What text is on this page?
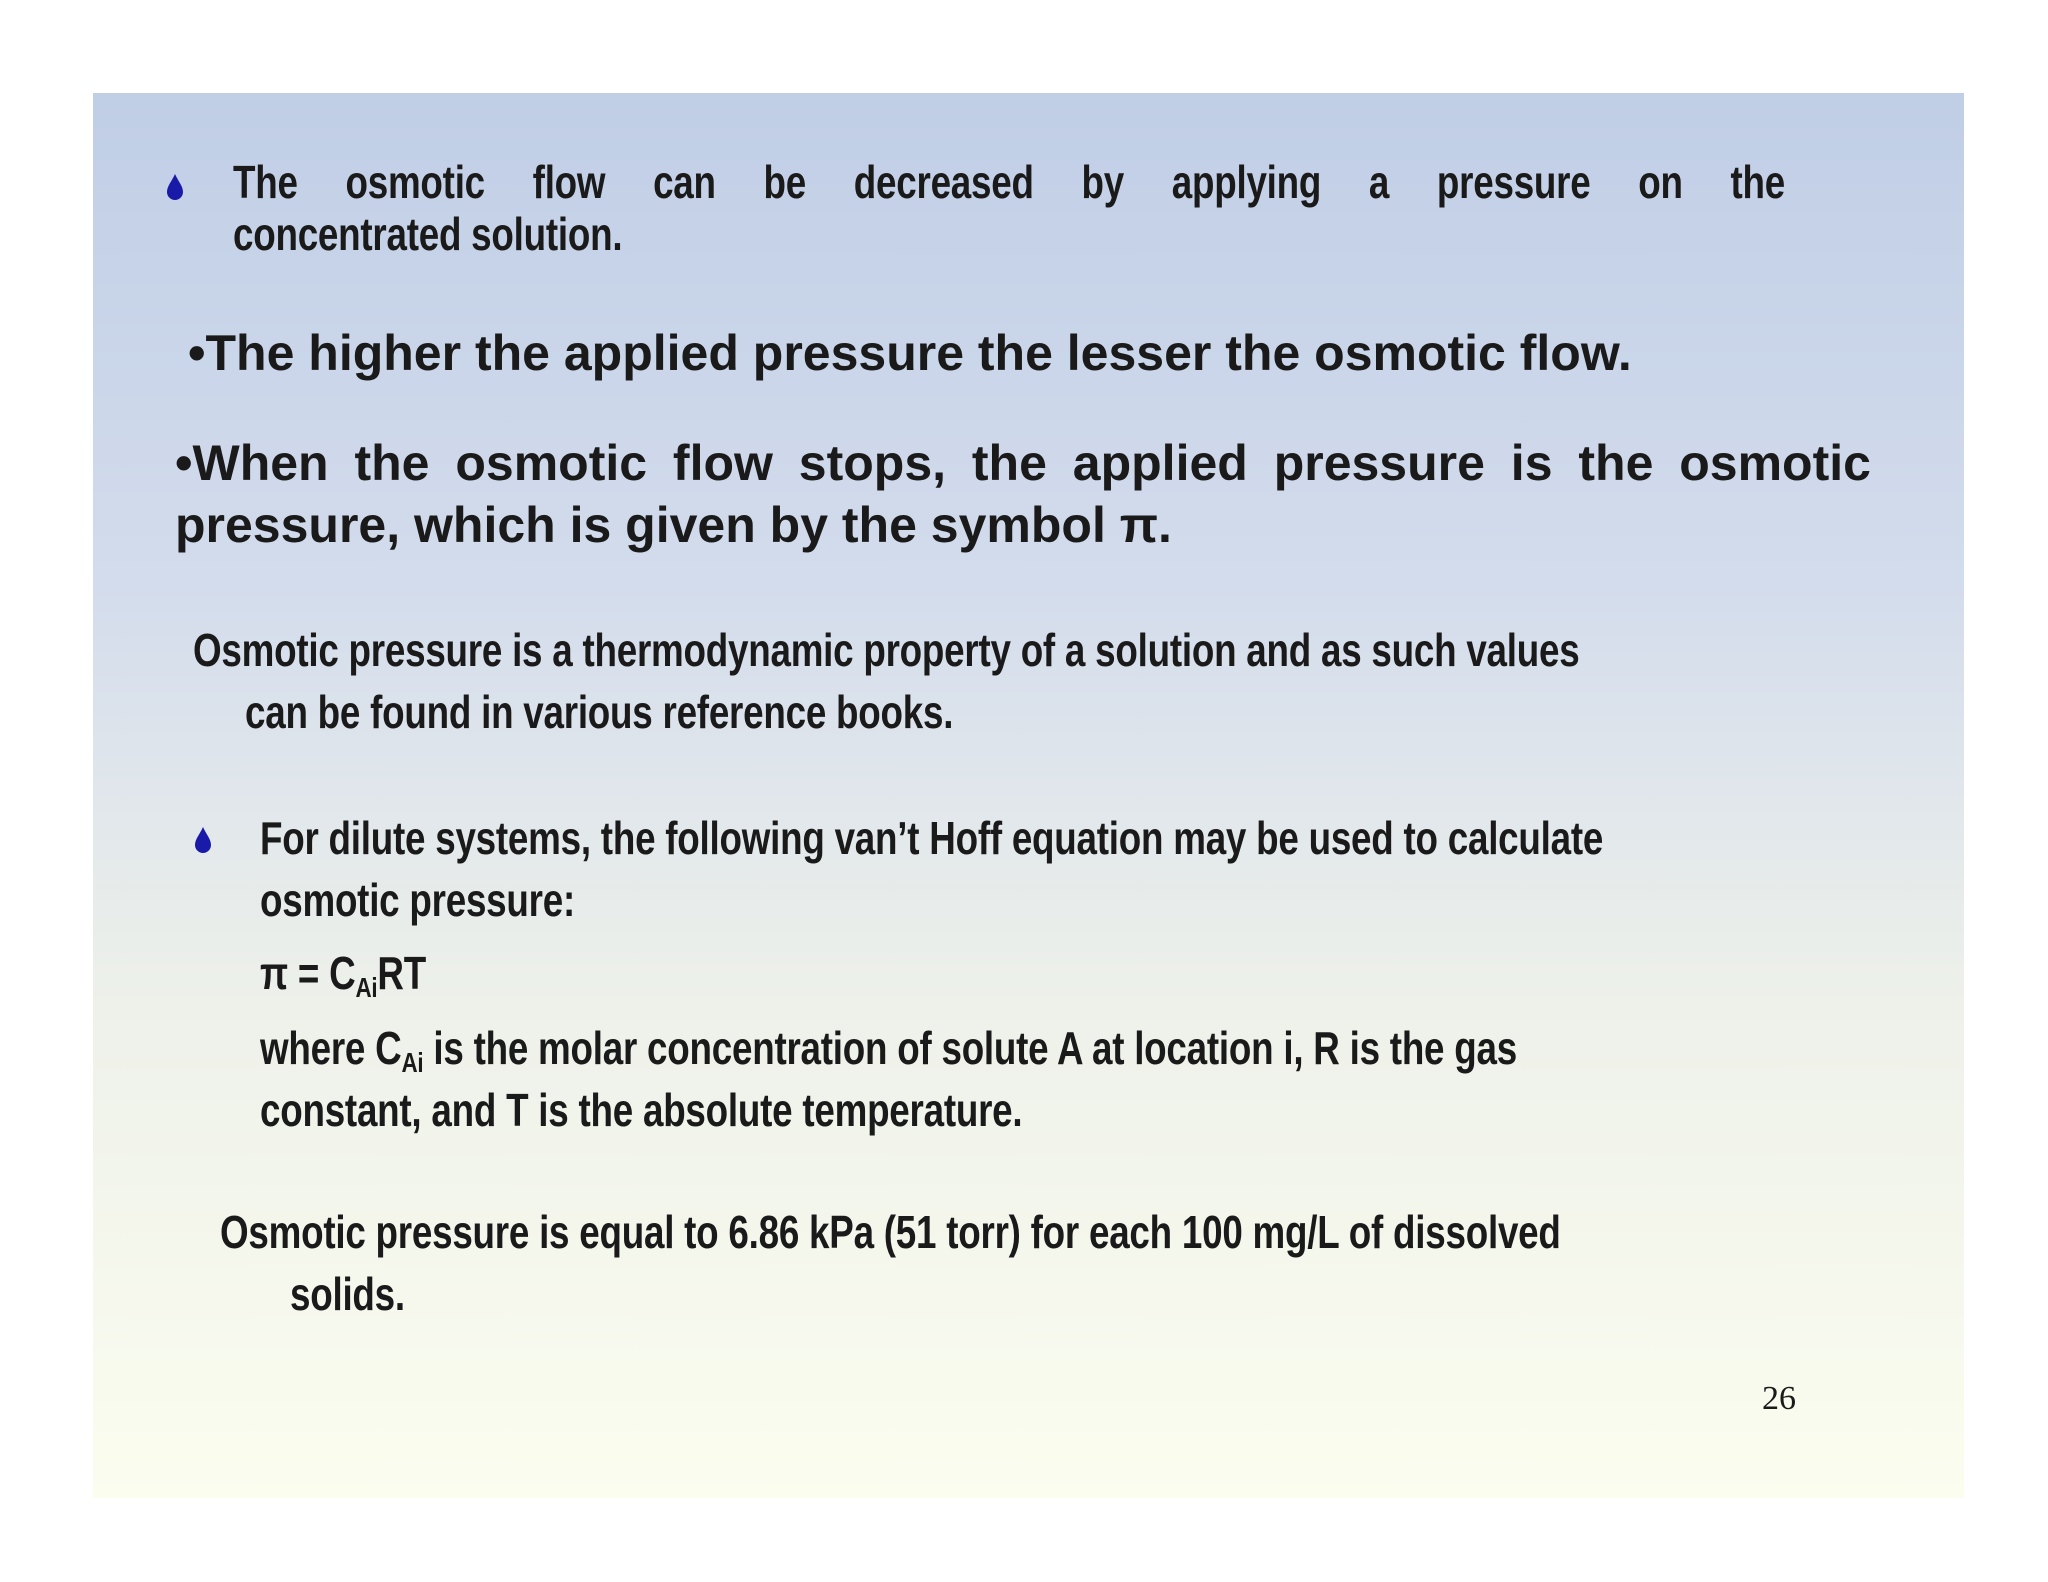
The osmotic flow can be decreased by applying a pressure on the
concentrated solution.
•The higher the applied pressure the lesser the osmotic flow.
•When the osmotic flow stops, the applied pressure is the osmotic
pressure, which is given by the symbol π.
Osmotic pressure is a thermodynamic property of a solution and as such values
can be found in various reference books.
For dilute systems, the following van’t Hoff equation may be used to calculate
osmotic pressure:
$\pi = C_{Ai}RT$
where $C_{Ai}$ is the molar concentration of solute A at location i, R is the gas
constant, and T is the absolute temperature.
Osmotic pressure is equal to 6.86 kPa (51 torr) for each 100 mg/L of dissolved
solids.
26
